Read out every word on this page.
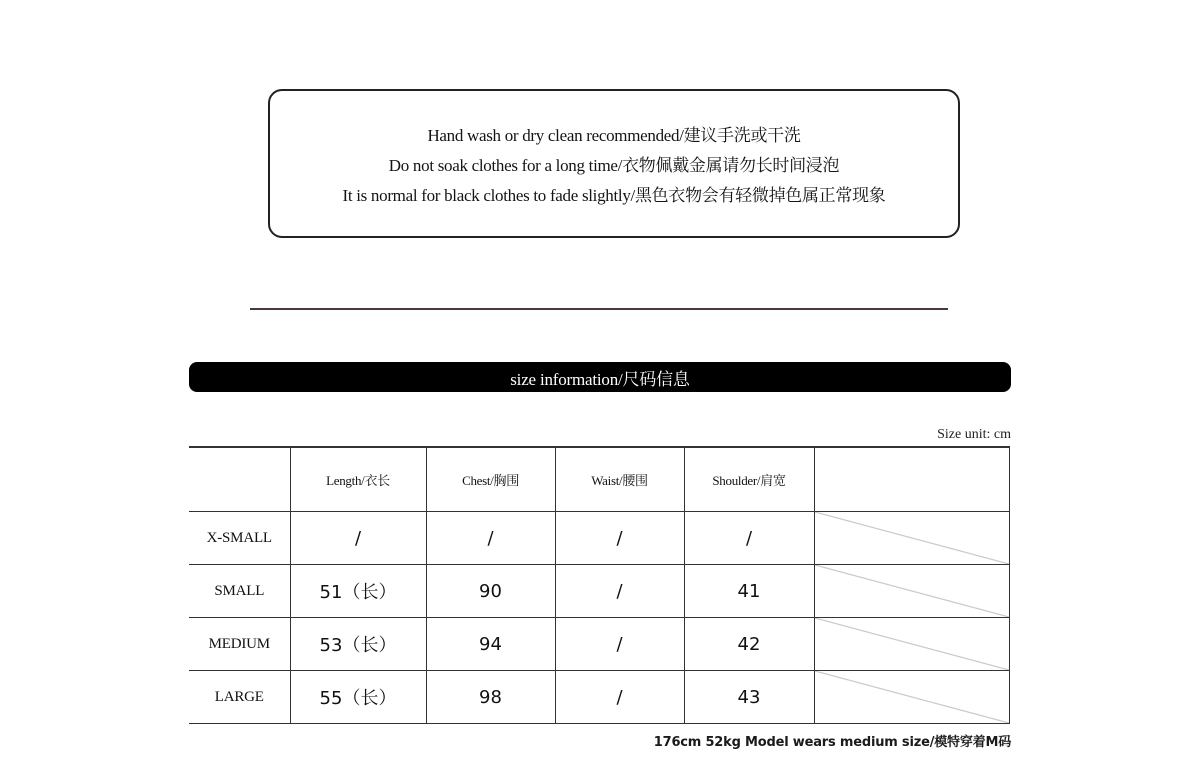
Hand wash or dry clean recommended/建议手洗或干洗
Do not soak clothes for a long time/衣物佩戴金属请勿长时间浸泡
It is normal for black clothes to fade slightly/黑色衣物会有轻微掉色属正常现象
size information/尺码信息
Size unit: cm
	Length/衣长	Chest/胸围	Waist/腰围	Shoulder/肩宽	
X-SMALL	/	/	/	/	

SMALL	51（长）	90	/	41	

MEDIUM	53（长）	94	/	42	

LARGE	55（长）	98	/	43	
176cm 52kg Model wears medium size/模特穿着M码
